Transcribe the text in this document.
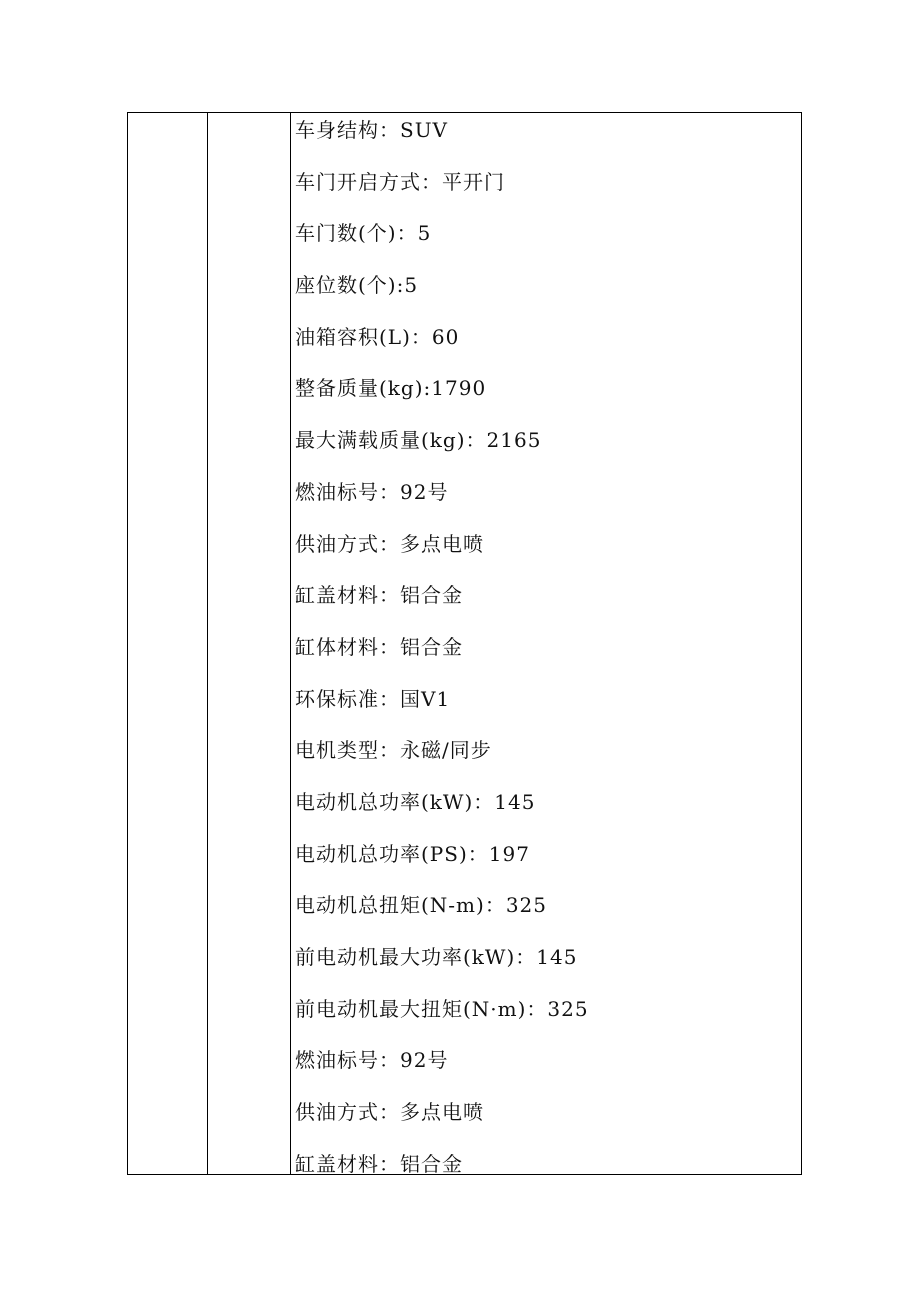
车身结构：SUV
车门开启方式：平开门
车门数(个)：5
座位数(个):5
油箱容积(L)：60
整备质量(kg):1790
最大满载质量(kg)：2165
燃油标号：92号
供油方式：多点电喷
缸盖材料：铝合金
缸体材料：铝合金
环保标准：国V1
电机类型：永磁/同步
电动机总功率(kW)：145
电动机总功率(PS)：197
电动机总扭矩(N-m)：325
前电动机最大功率(kW)：145
前电动机最大扭矩(N·m)：325
燃油标号：92号
供油方式：多点电喷
缸盖材料：铝合金
